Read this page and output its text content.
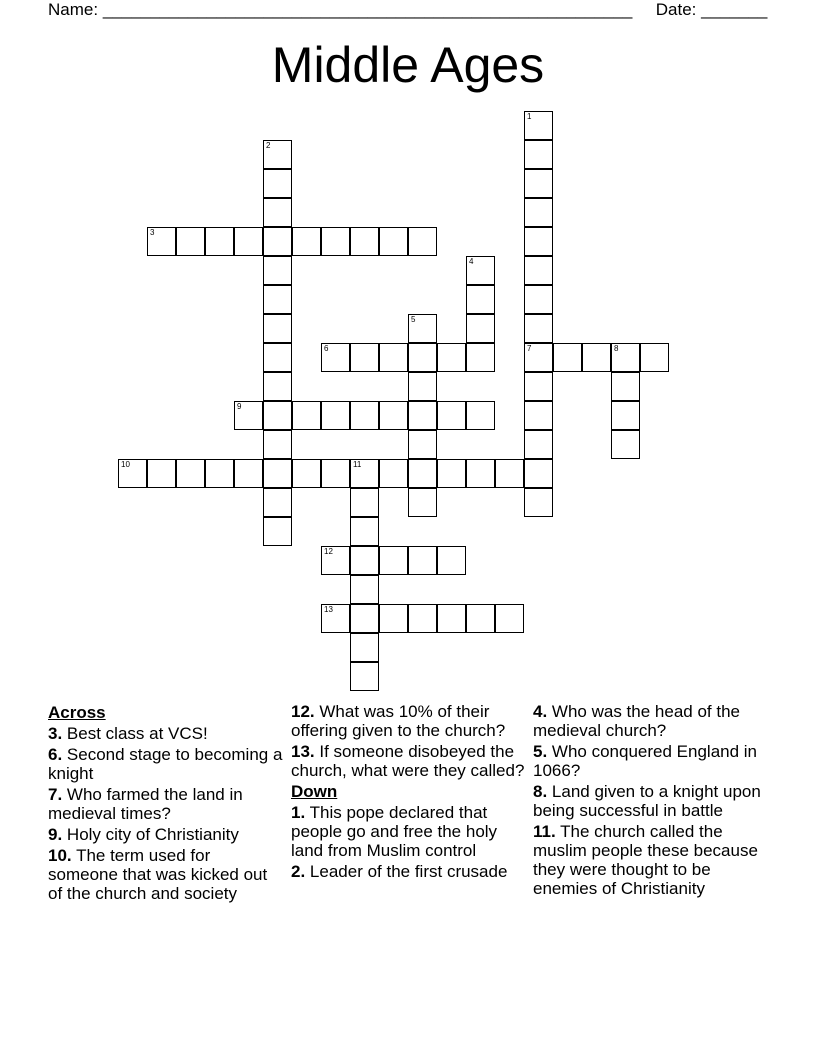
Name: ________________________________________________________ Date: _______
Middle Ages
1
7
2
3
4
5
6	8
9
10	11
12
13
Across
3. Best class at VCS!
6. Second stage to becoming a knight
7. Who farmed the land in medieval times?
9. Holy city of Christianity
10. The term used for someone that was kicked out of the church and society
12. What was 10% of their offering given to the church?
13. If someone disobeyed the church, what were they called?
Down
1. This pope declared that people go and free the holy land from Muslim control
2. Leader of the first crusade
4. Who was the head of the medieval church?
5. Who conquered England in 1066?
8. Land given to a knight upon being successful in battle
11. The church called the muslim people these because they were thought to be enemies of Christianity
